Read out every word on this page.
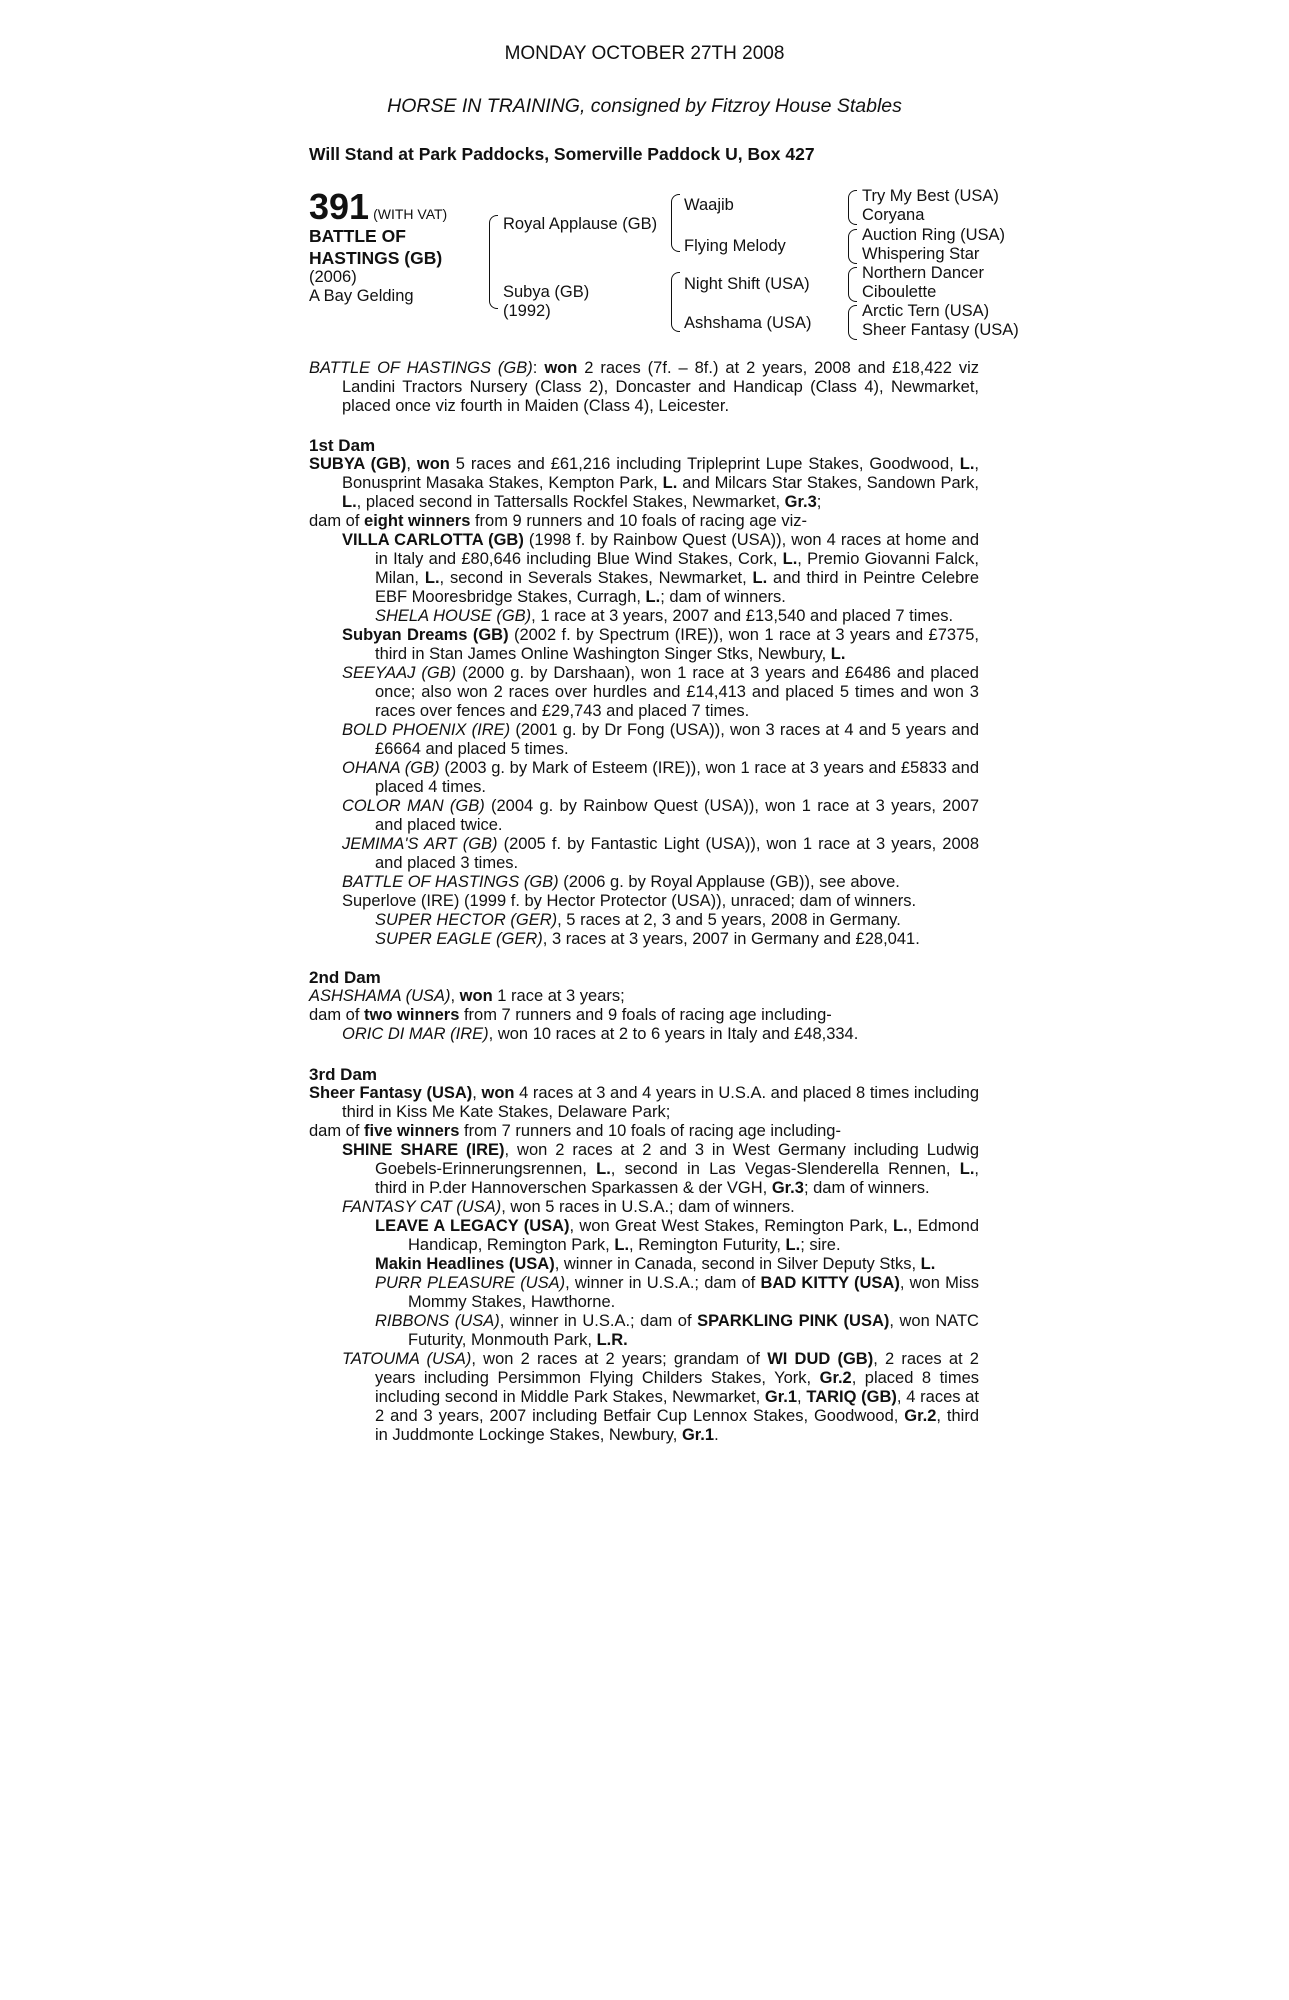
MONDAY OCTOBER 27TH 2008
HORSE IN TRAINING, consigned by Fitzroy House Stables
Will Stand at Park Paddocks, Somerville Paddock U, Box 427
391 (WITH VAT)
BATTLE OF
HASTINGS (GB)
(2006)
A Bay Gelding
Royal Applause (GB)
Subya (GB)
(1992)
Waajib
Flying Melody
Night Shift (USA)
Ashshama (USA)
Try My Best (USA)
Coryana
Auction Ring (USA)
Whispering Star
Northern Dancer
Ciboulette
Arctic Tern (USA)
Sheer Fantasy (USA)
BATTLE OF HASTINGS (GB): won 2 races (7f. – 8f.) at 2 years, 2008 and £18,422 viz Landini Tractors Nursery (Class 2), Doncaster and Handicap (Class 4), Newmarket, placed once viz fourth in Maiden (Class 4), Leicester.
1st Dam
SUBYA (GB), won 5 races and £61,216 including Tripleprint Lupe Stakes, Goodwood, L., Bonusprint Masaka Stakes, Kempton Park, L. and Milcars Star Stakes, Sandown Park, L., placed second in Tattersalls Rockfel Stakes, Newmarket, Gr.3;
dam of eight winners from 9 runners and 10 foals of racing age viz-
VILLA CARLOTTA (GB) (1998 f. by Rainbow Quest (USA)), won 4 races at home and in Italy and £80,646 including Blue Wind Stakes, Cork, L., Premio Giovanni Falck, Milan, L., second in Severals Stakes, Newmarket, L. and third in Peintre Celebre EBF Mooresbridge Stakes, Curragh, L.; dam of winners.
SHELA HOUSE (GB), 1 race at 3 years, 2007 and £13,540 and placed 7 times.
Subyan Dreams (GB) (2002 f. by Spectrum (IRE)), won 1 race at 3 years and £7375, third in Stan James Online Washington Singer Stks, Newbury, L.
SEEYAAJ (GB) (2000 g. by Darshaan), won 1 race at 3 years and £6486 and placed once; also won 2 races over hurdles and £14,413 and placed 5 times and won 3 races over fences and £29,743 and placed 7 times.
BOLD PHOENIX (IRE) (2001 g. by Dr Fong (USA)), won 3 races at 4 and 5 years and £6664 and placed 5 times.
OHANA (GB) (2003 g. by Mark of Esteem (IRE)), won 1 race at 3 years and £5833 and placed 4 times.
COLOR MAN (GB) (2004 g. by Rainbow Quest (USA)), won 1 race at 3 years, 2007 and placed twice.
JEMIMA'S ART (GB) (2005 f. by Fantastic Light (USA)), won 1 race at 3 years, 2008 and placed 3 times.
BATTLE OF HASTINGS (GB) (2006 g. by Royal Applause (GB)), see above.
Superlove (IRE) (1999 f. by Hector Protector (USA)), unraced; dam of winners.
SUPER HECTOR (GER), 5 races at 2, 3 and 5 years, 2008 in Germany.
SUPER EAGLE (GER), 3 races at 3 years, 2007 in Germany and £28,041.
2nd Dam
ASHSHAMA (USA), won 1 race at 3 years;
dam of two winners from 7 runners and 9 foals of racing age including-
ORIC DI MAR (IRE), won 10 races at 2 to 6 years in Italy and £48,334.
3rd Dam
Sheer Fantasy (USA), won 4 races at 3 and 4 years in U.S.A. and placed 8 times including third in Kiss Me Kate Stakes, Delaware Park;
dam of five winners from 7 runners and 10 foals of racing age including-
SHINE SHARE (IRE), won 2 races at 2 and 3 in West Germany including Ludwig Goebels-Erinnerungsrennen, L., second in Las Vegas-Slenderella Rennen, L., third in P.der Hannoverschen Sparkassen & der VGH, Gr.3; dam of winners.
FANTASY CAT (USA), won 5 races in U.S.A.; dam of winners.
LEAVE A LEGACY (USA), won Great West Stakes, Remington Park, L., Edmond Handicap, Remington Park, L., Remington Futurity, L.; sire.
Makin Headlines (USA), winner in Canada, second in Silver Deputy Stks, L.
PURR PLEASURE (USA), winner in U.S.A.; dam of BAD KITTY (USA), won Miss Mommy Stakes, Hawthorne.
RIBBONS (USA), winner in U.S.A.; dam of SPARKLING PINK (USA), won NATC Futurity, Monmouth Park, L.R.
TATOUMA (USA), won 2 races at 2 years; grandam of WI DUD (GB), 2 races at 2 years including Persimmon Flying Childers Stakes, York, Gr.2, placed 8 times including second in Middle Park Stakes, Newmarket, Gr.1, TARIQ (GB), 4 races at 2 and 3 years, 2007 including Betfair Cup Lennox Stakes, Goodwood, Gr.2, third in Juddmonte Lockinge Stakes, Newbury, Gr.1.
